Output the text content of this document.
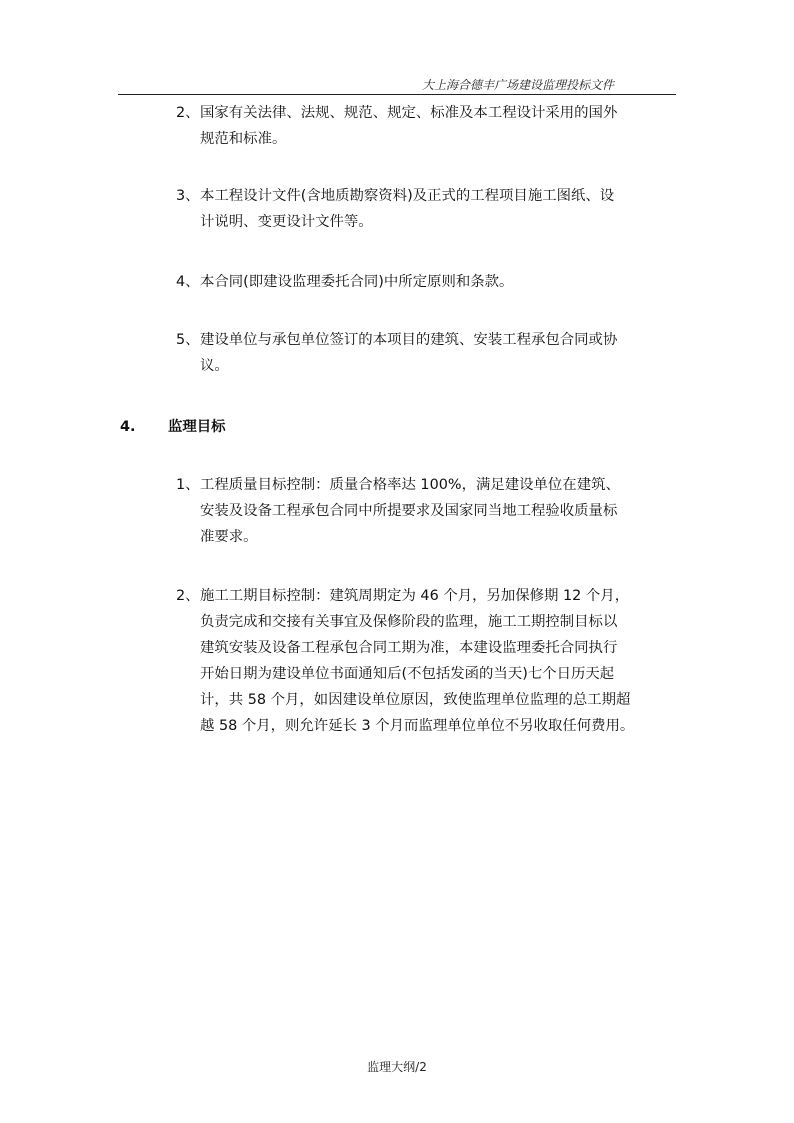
大上海合德丰广场建设监理投标文件
2、 国家有关法律、法规、规范、规定、标准及本工程设计采用的国外
规范和标准。
3、 本工程设计文件(含地质勘察资料)及正式的工程项目施工图纸、设
计说明、变更设计文件等。
4、 本合同(即建设监理委托合同)中所定原则和条款。
5、 建设单位与承包单位签订的本项目的建筑、安装工程承包合同或协
议。
4. 监理目标
1、 工程质量目标控制：质量合格率达 100%，满足建设单位在建筑、
安装及设备工程承包合同中所提要求及国家同当地工程验收质量标
准要求。
2、 施工工期目标控制：建筑周期定为 46 个月，另加保修期 12 个月，
负责完成和交接有关事宜及保修阶段的监理，施工工期控制目标以
建筑安装及设备工程承包合同工期为准，本建设监理委托合同执行
开始日期为建设单位书面通知后(不包括发函的当天)七个日历天起
计，共 58 个月，如因建设单位原因，致使监理单位监理的总工期超
越 58 个月，则允许延长 3 个月而监理单位单位不另收取任何费用。
监理大纲/2
